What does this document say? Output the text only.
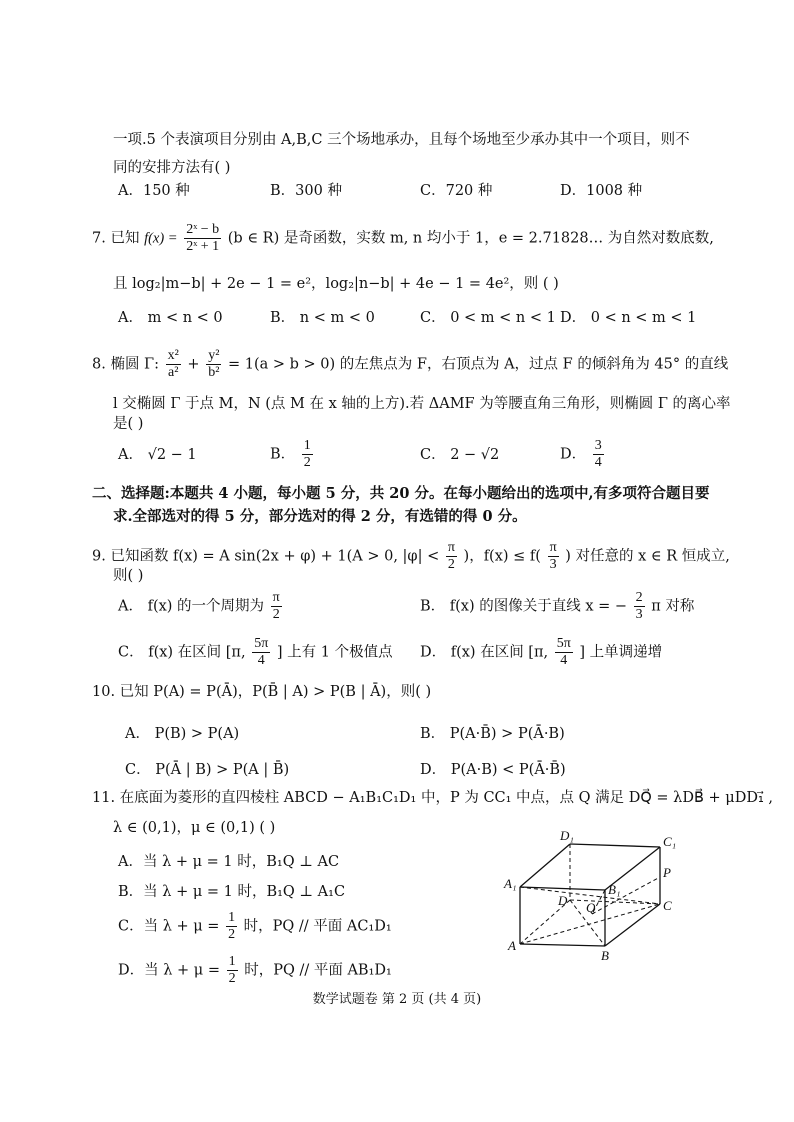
一项.5 个表演项目分别由 A,B,C 三个场地承办，且每个场地至少承办其中一个项目，则不
同的安排方法有( )
A．150 种	B．300 种	C．720 种	D．1008 种
7. 已知 $f(x) = \frac{\text{2ˣ − b}}{\text{2ˣ + 1}} (b$ ∈ R) 是奇函数，实数 m, n 均小于 1，e = 2.71828… 为自然对数底数,
且 log₂|m−b| + 2e − 1 = e²，log₂|n−b| + 4e − 1 = 4e²，则 ( )
A． m < n < 0	B． n < m < 0	C． 0 < m < n < 1 D． 0 < n < m < 1
8. 椭圆 Γ: $\frac{\text{x²}}{\text{a²}} + \frac{\text{y²}}{\text{b²}} = 1(a > b > 0)$ 的左焦点为 F，右顶点为 A，过点 F 的倾斜角为 45° 的直线
l 交椭圆 Γ 于点 M，N (点 M 在 x 轴的上方).若 ΔAMF 为等腰直角三角形，则椭圆 Γ 的离心率
是( )
A． √2 − 1	B． $\frac{1}{2}$	C． 2 − √2	D． $\frac{3}{4}$
二、选择题:本题共 4 小题，每小题 5 分，共 20 分。在每小题给出的选项中,有多项符合题目要
求.全部选对的得 5 分，部分选对的得 2 分，有选错的得 0 分。
9. 已知函数 f(x) = A sin(2x + φ) + 1(A > 0, $|\varphi| < \frac{\pi}{2}$ )，$f(x) \le f( \frac{\pi}{3}$ ) 对任意的 x ∈ R 恒成立,
则( )
A． f(x) 的一个周期为 $\frac{\pi}{2}$	B． f(x) 的图像关于直线 x = − $\frac{2}{3}$ π 对称
C． f(x) 在区间 [π, $\frac{5\pi}{4}$ ] 上有 1 个极值点 D． f(x) 在区间 [π, $\frac{5\pi}{4}$ ] 上单调递增
10. 已知 P(A) = P(Ā)，P(B̄ | A) > P(B | Ā)，则( )
A． P(B) > P(A)	B． P(A·B̄) > P(Ā·B)
C． P(Ā | B) > P(A | B̄)	D． P(A·B) < P(Ā·B̄)
11. 在底面为菱形的直四棱柱 ABCD − A₁B₁C₁D₁ 中，P 为 CC₁ 中点，点 Q 满足 DQ⃗ = λDB⃗ + μDD₁⃗ ,
λ ∈ (0,1)，μ ∈ (0,1) ( )
A．当 λ + μ = 1 时，B₁Q ⊥ AC
B．当 λ + μ = 1 时，B₁Q ⊥ A₁C
C．当 $\lambda + \mu = \frac{1}{2}$ 时，PQ // 平面 AC₁D₁
D．当 $\lambda + \mu = \frac{1}{2}$ 时，PQ // 平面 AB₁D₁
D₁	C₁
A₁	B₁
P
D Q	C
A
B
数学试题卷 第 2 页 (共 4 页)
